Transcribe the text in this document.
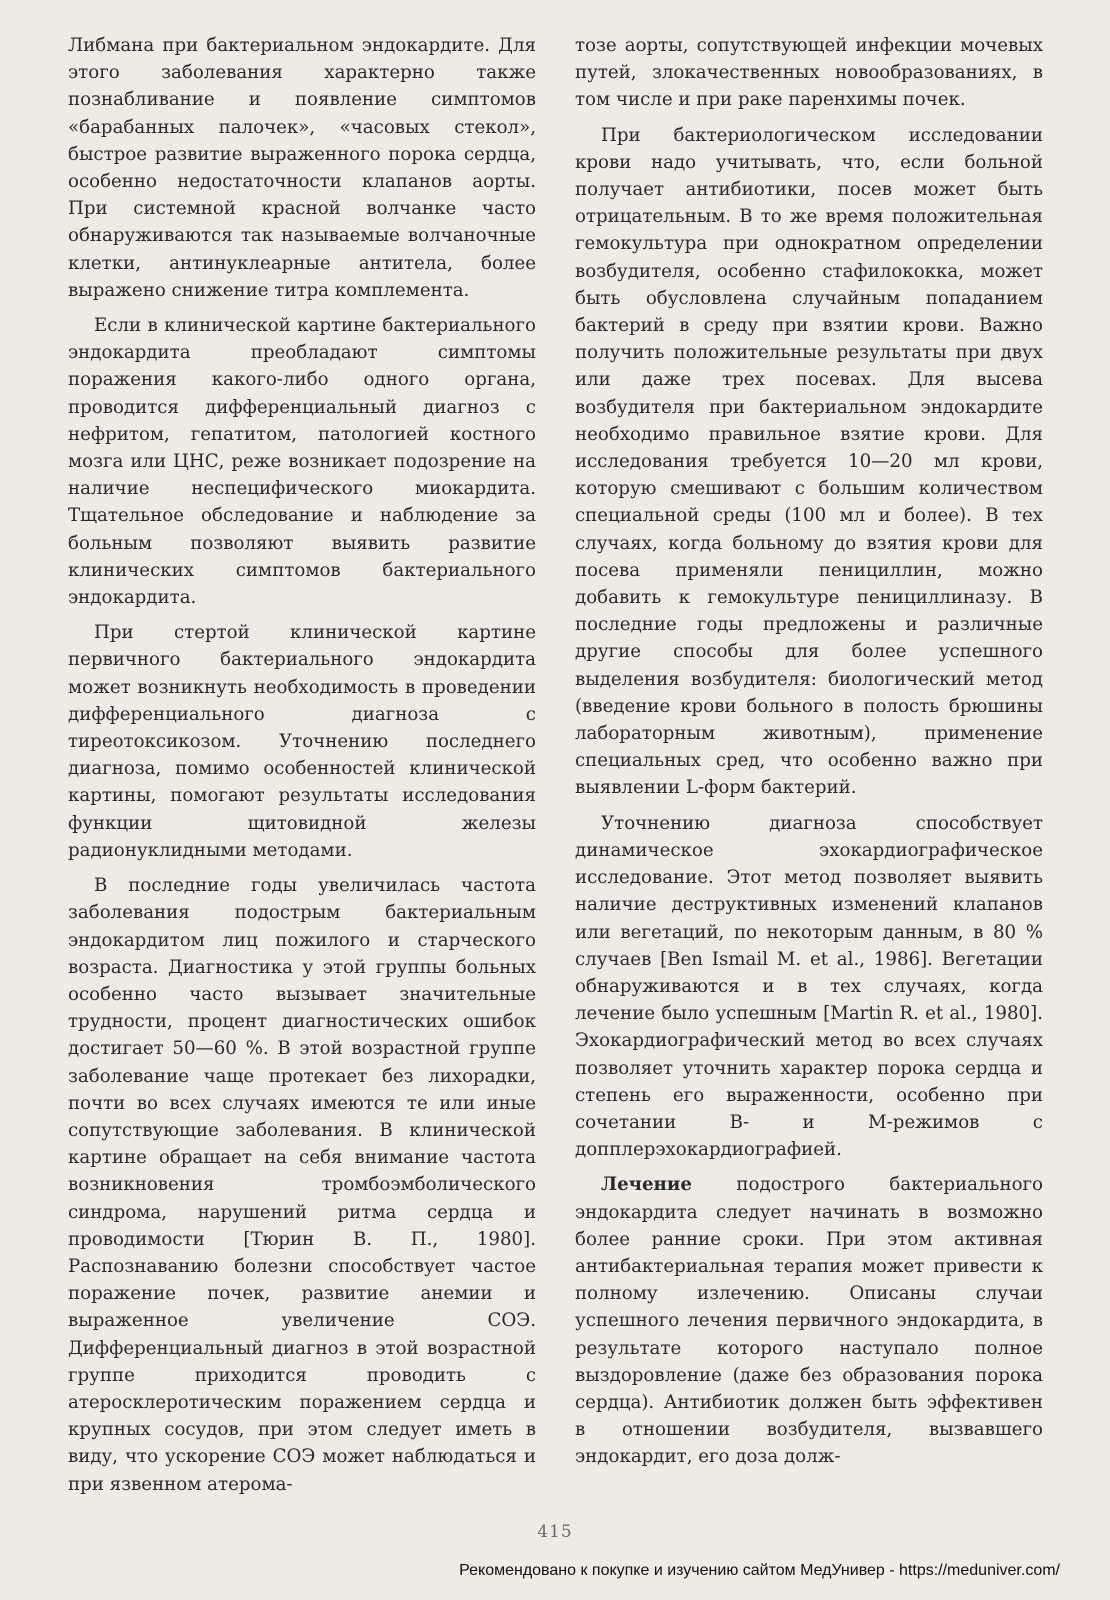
Либмана при бактериальном эндокардите. Для этого заболевания характерно также познабливание и появление симптомов «барабанных палочек», «часовых стекол», быстрое развитие выраженного порока сердца, особенно недостаточности клапанов аорты. При системной красной волчанке часто обнаруживаются так называемые волчаночные клетки, антинуклеарные антитела, более выражено снижение титра комплемента.

Если в клинической картине бактериального эндокардита преобладают симптомы поражения какого-либо одного органа, проводится дифференциальный диагноз с нефритом, гепатитом, патологией костного мозга или ЦНС, реже возникает подозрение на наличие неспецифического миокардита. Тщательное обследование и наблюдение за больным позволяют выявить развитие клинических симптомов бактериального эндокардита.

При стертой клинической картине первичного бактериального эндокардита может возникнуть необходимость в проведении дифференциального диагноза с тиреотоксикозом. Уточнению последнего диагноза, помимо особенностей клинической картины, помогают результаты исследования функции щитовидной железы радионуклидными методами.

В последние годы увеличилась частота заболевания подострым бактериальным эндокардитом лиц пожилого и старческого возраста. Диагностика у этой группы больных особенно часто вызывает значительные трудности, процент диагностических ошибок достигает 50—60 %. В этой возрастной группе заболевание чаще протекает без лихорадки, почти во всех случаях имеются те или иные сопутствующие заболевания. В клинической картине обращает на себя внимание частота возникновения тромбоэмболического синдрома, нарушений ритма сердца и проводимости [Тюрин В. П., 1980]. Распознаванию болезни способствует частое поражение почек, развитие анемии и выраженное увеличение СОЭ. Дифференциальный диагноз в этой возрастной группе приходится проводить с атеросклеротическим поражением сердца и крупных сосудов, при этом следует иметь в виду, что ускорение СОЭ может наблюдаться и при язвенном атерома-

тозе аорты, сопутствующей инфекции мочевых путей, злокачественных новообразованиях, в том числе и при раке паренхимы почек.

При бактериологическом исследовании крови надо учитывать, что, если больной получает антибиотики, посев может быть отрицательным. В то же время положительная гемокультура при однократном определении возбудителя, особенно стафилококка, может быть обусловлена случайным попаданием бактерий в среду при взятии крови. Важно получить положительные результаты при двух или даже трех посевах. Для высева возбудителя при бактериальном эндокардите необходимо правильное взятие крови. Для исследования требуется 10—20 мл крови, которую смешивают с большим количеством специальной среды (100 мл и более). В тех случаях, когда больному до взятия крови для посева применяли пенициллин, можно добавить к гемокультуре пенициллиназу. В последние годы предложены и различные другие способы для более успешного выделения возбудителя: биологический метод (введение крови больного в полость брюшины лабораторным животным), применение специальных сред, что особенно важно при выявлении L-форм бактерий.

Уточнению диагноза способствует динамическое эхокардиографическое исследование. Этот метод позволяет выявить наличие деструктивных изменений клапанов или вегетаций, по некоторым данным, в 80 % случаев [Ben Ismail M. et al., 1986]. Вегетации обнаруживаются и в тех случаях, когда лечение было успешным [Martin R. et al., 1980]. Эхокардиографический метод во всех случаях позволяет уточнить характер порока сердца и степень его выраженности, особенно при сочетании В- и М-режимов с допплерэхокардиографией.

Лечение подострого бактериального эндокардита следует начинать в возможно более ранние сроки. При этом активная антибактериальная терапия может привести к полному излечению. Описаны случаи успешного лечения первичного эндокардита, в результате которого наступало полное выздоровление (даже без образования порока сердца). Антибиотик должен быть эффективен в отношении возбудителя, вызвавшего эндокардит, его доза долж-

415
Рекомендовано к покупке и изучению сайтом МедУнивер - https://meduniver.com/
